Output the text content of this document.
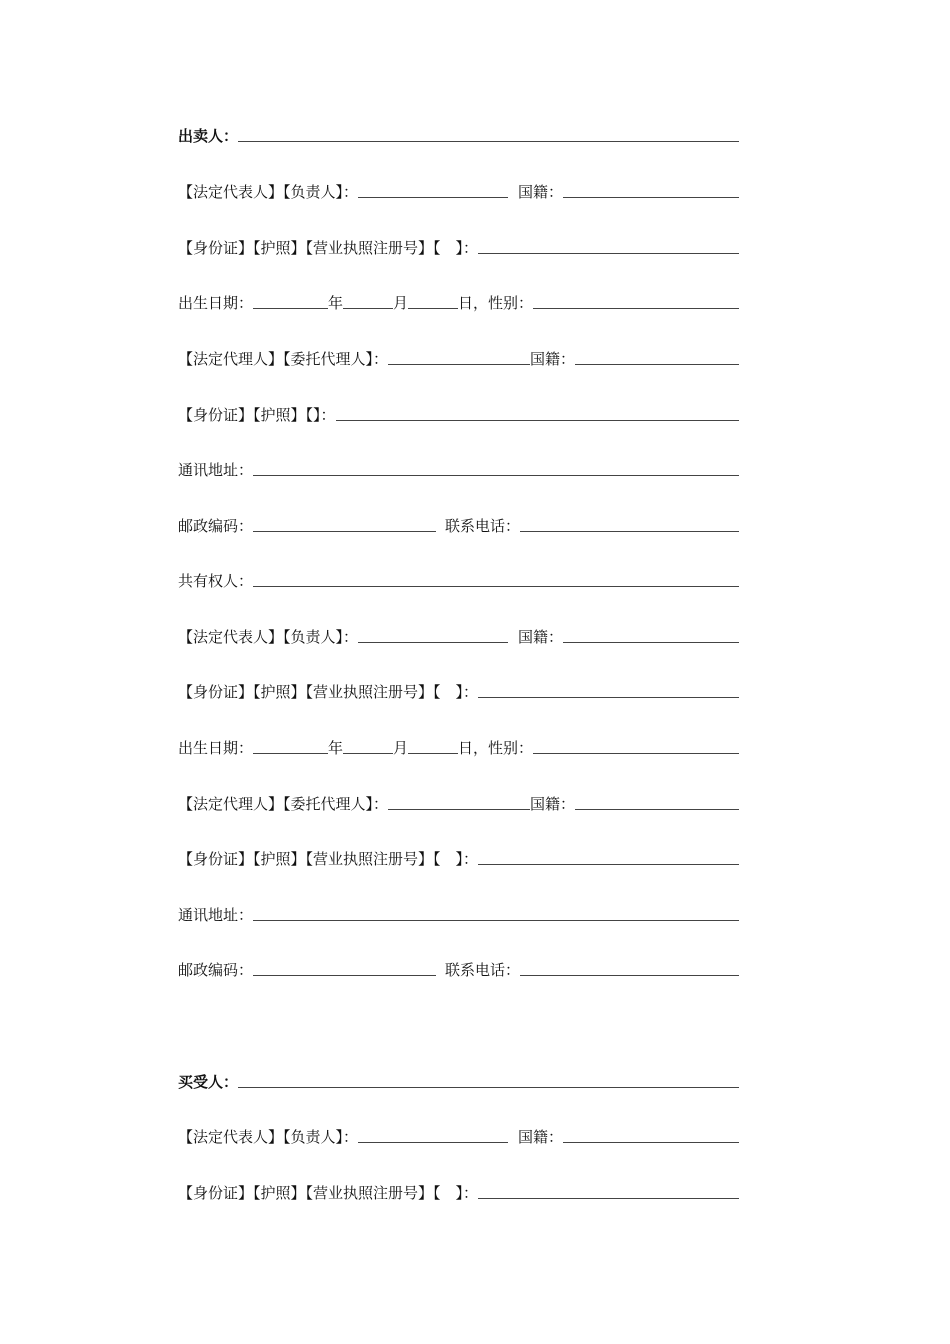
出卖人：
【法定代表人】【负责人】：	国籍：
【身份证】【护照】【营业执照注册号】【　】：
出生日期：	年	月	日，性别：
【法定代理人】【委托代理人】：	国籍：
【身份证】【护照】【】：
通讯地址：
邮政编码：	联系电话：
共有权人：
【法定代表人】【负责人】：	国籍：
【身份证】【护照】【营业执照注册号】【　】：
出生日期：	年	月	日，性别：
【法定代理人】【委托代理人】：	国籍：
【身份证】【护照】【营业执照注册号】【　】：
通讯地址：
邮政编码：	联系电话：
买受人：
【法定代表人】【负责人】：	国籍：
【身份证】【护照】【营业执照注册号】【　】：
